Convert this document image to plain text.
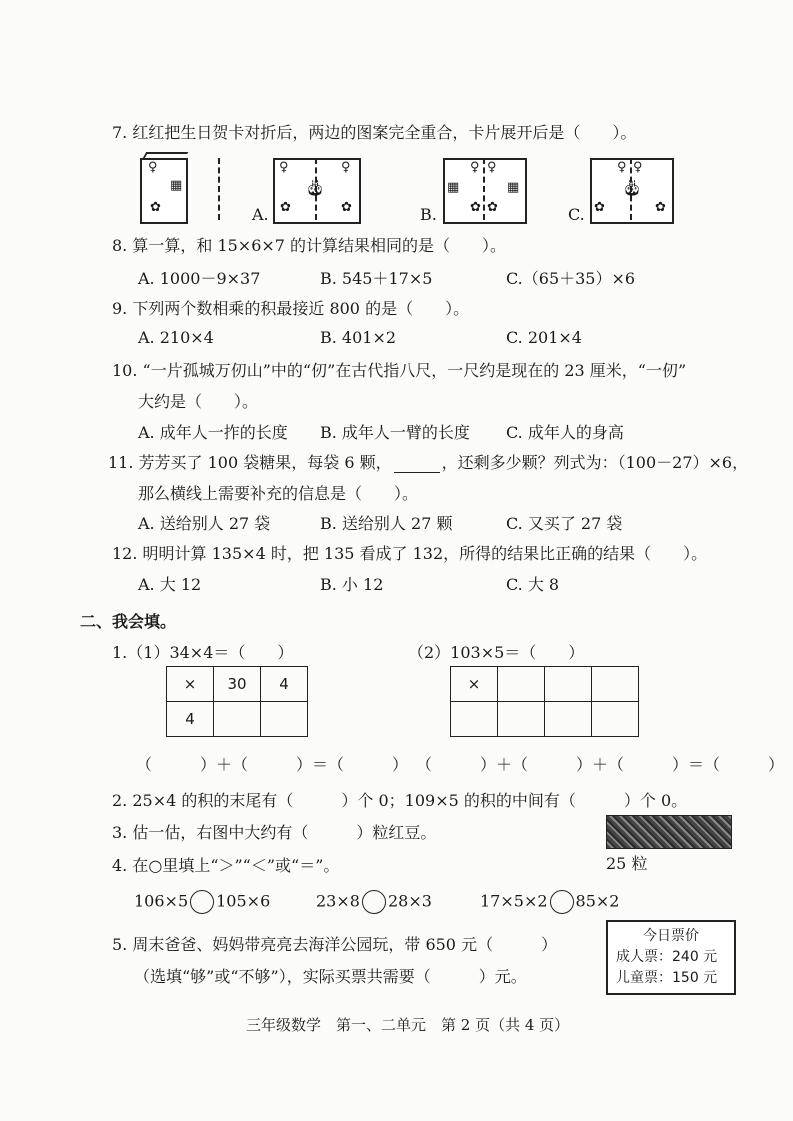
7. 红红把生日贺卡对折后，两边的图案完全重合，卡片展开后是（　　）。
♀
▦
✿	A.
♀	♀
🎂︎
✿	✿	B.
♀ ♀
▦	▦
✿ ✿	C.
♀ ♀
🎂︎
✿	✿
8. 算一算，和 15×6×7 的计算结果相同的是（　　）。
A. 1000－9×37	B. 545＋17×5	C.（65＋35）×6
9. 下列两个数相乘的积最接近 800 的是（　　）。
A. 210×4	B. 401×2	C. 201×4
10. “一片孤城万仞山”中的“仞”在古代指八尺，一尺约是现在的 23 厘米，“一仞”
大约是（　　）。
A. 成年人一拃的长度 B. 成年人一臂的长度 C. 成年人的身高
11. 芳芳买了 100 袋糖果，每袋 6 颗，	，还剩多少颗？列式为：（100－27）×6，
那么横线上需要补充的信息是（　　）。
A. 送给别人 27 袋	B. 送给别人 27 颗	C. 又买了 27 袋
12. 明明计算 135×4 时，把 135 看成了 132，所得的结果比正确的结果（　　）。
A. 大 12	B. 小 12	C. 大 8
二、我会填。
1.（1）34×4＝（　　）	（2）103×5＝（　　）
×	30	4
4		
×			

（　　　）＋（　　　）＝（　　　） （　　　）＋（　　　）＋（　　　）＝（　　　）
2. 25×4 的积的末尾有（　　　）个 0；109×5 的积的中间有（　　　）个 0。
3. 估一估，右图中大约有（　　　）粒红豆。
25 粒
4. 在○里填上“＞”“＜”或“＝”。
106×5 105×6	23×8 28×3	17×5×2 85×2
5. 周末爸爸、妈妈带亮亮去海洋公园玩，带 650 元（　　　）
（选填“够”或“不够”），实际买票共需要（　　　）元。
今日票价
成人票：240 元
儿童票：150 元
三年级数学　第一、二单元　第 2 页（共 4 页）
